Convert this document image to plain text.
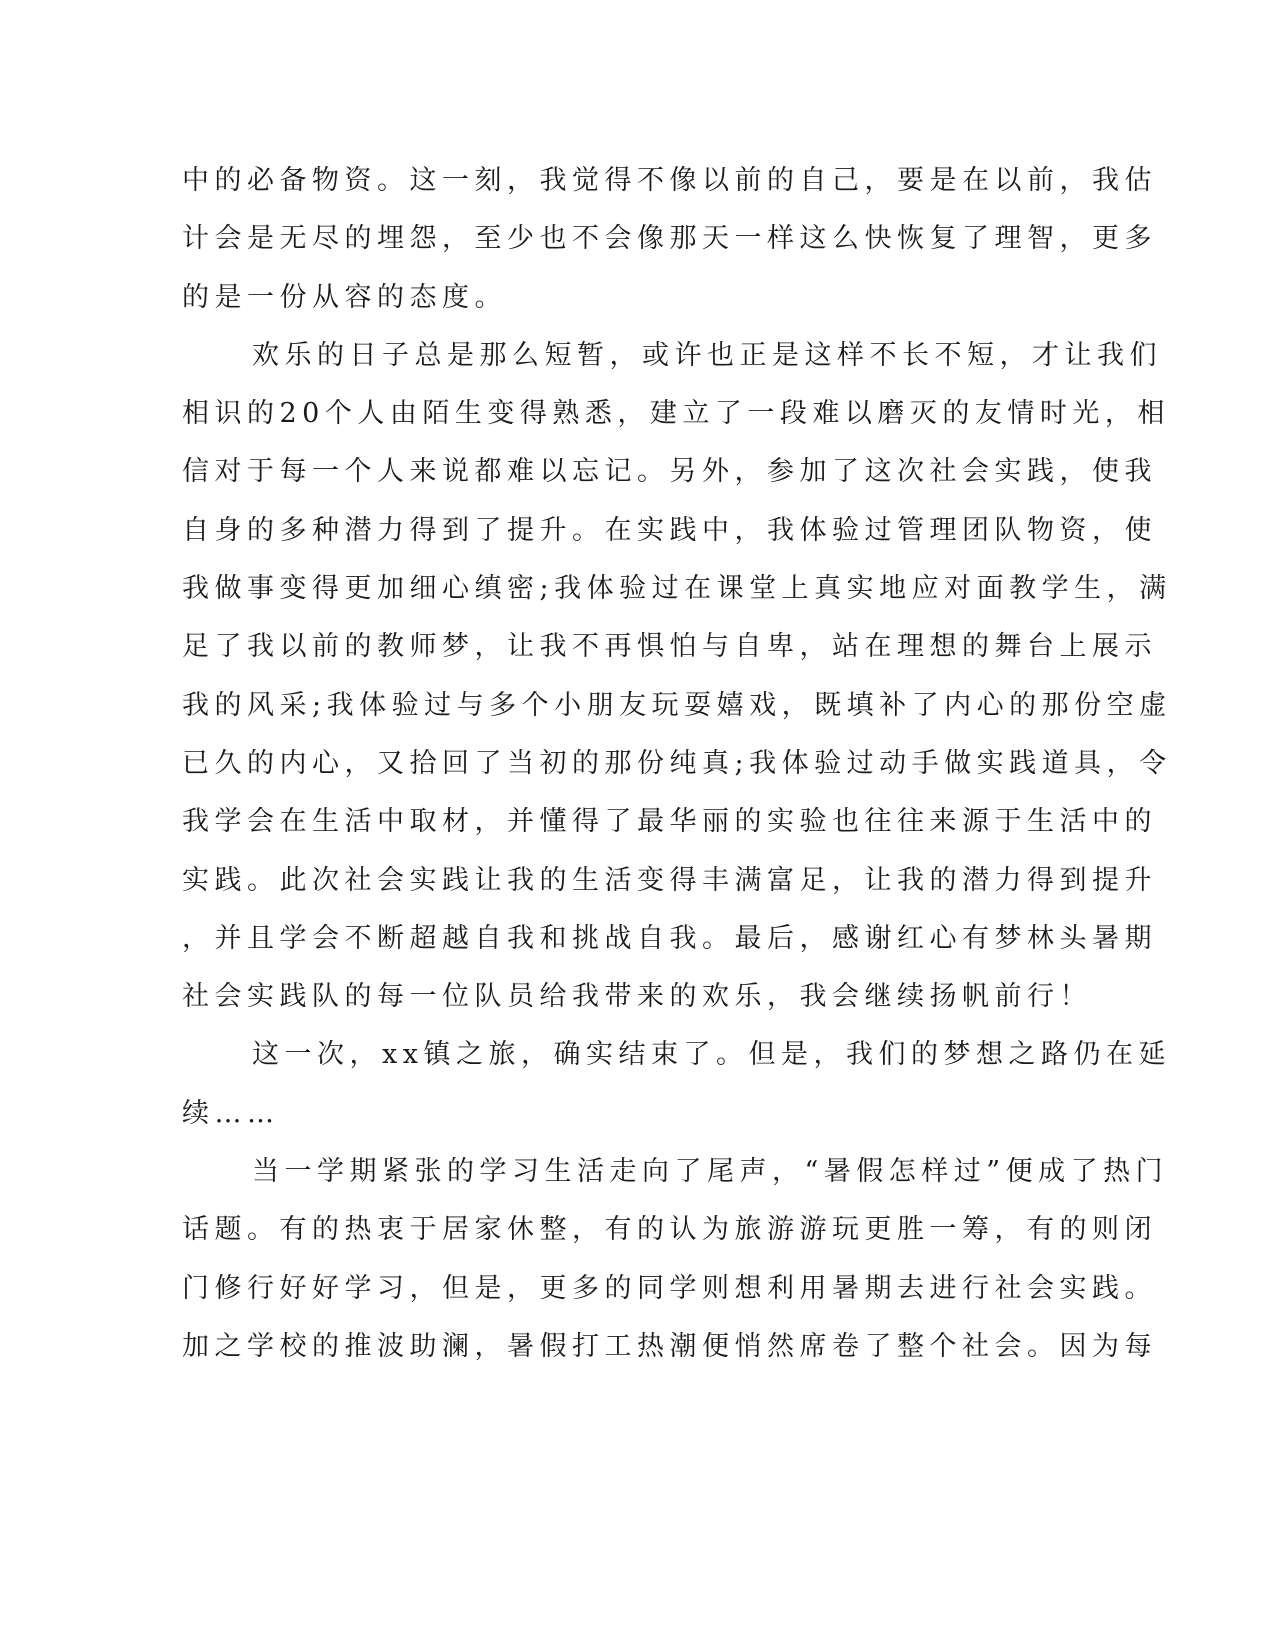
中的必备物资。这一刻，我觉得不像以前的自己，要是在以前，我估
计会是无尽的埋怨，至少也不会像那天一样这么快恢复了理智，更多
的是一份从容的态度。
欢乐的日子总是那么短暂，或许也正是这样不长不短，才让我们
相识的20个人由陌生变得熟悉，建立了一段难以磨灭的友情时光，相
信对于每一个人来说都难以忘记。另外，参加了这次社会实践，使我
自身的多种潜力得到了提升。在实践中，我体验过管理团队物资，使
我做事变得更加细心缜密;我体验过在课堂上真实地应对面教学生，满
足了我以前的教师梦，让我不再惧怕与自卑，站在理想的舞台上展示
我的风采;我体验过与多个小朋友玩耍嬉戏，既填补了内心的那份空虚
已久的内心，又拾回了当初的那份纯真;我体验过动手做实践道具，令
我学会在生活中取材，并懂得了最华丽的实验也往往来源于生活中的
实践。此次社会实践让我的生活变得丰满富足，让我的潜力得到提升
，并且学会不断超越自我和挑战自我。最后，感谢红心有梦林头暑期
社会实践队的每一位队员给我带来的欢乐，我会继续扬帆前行！
这一次，xx镇之旅，确实结束了。但是，我们的梦想之路仍在延
续……
当一学期紧张的学习生活走向了尾声，“暑假怎样过”便成了热门
话题。有的热衷于居家休整，有的认为旅游游玩更胜一筹，有的则闭
门修行好好学习，但是，更多的同学则想利用暑期去进行社会实践。
加之学校的推波助澜，暑假打工热潮便悄然席卷了整个社会。因为每
